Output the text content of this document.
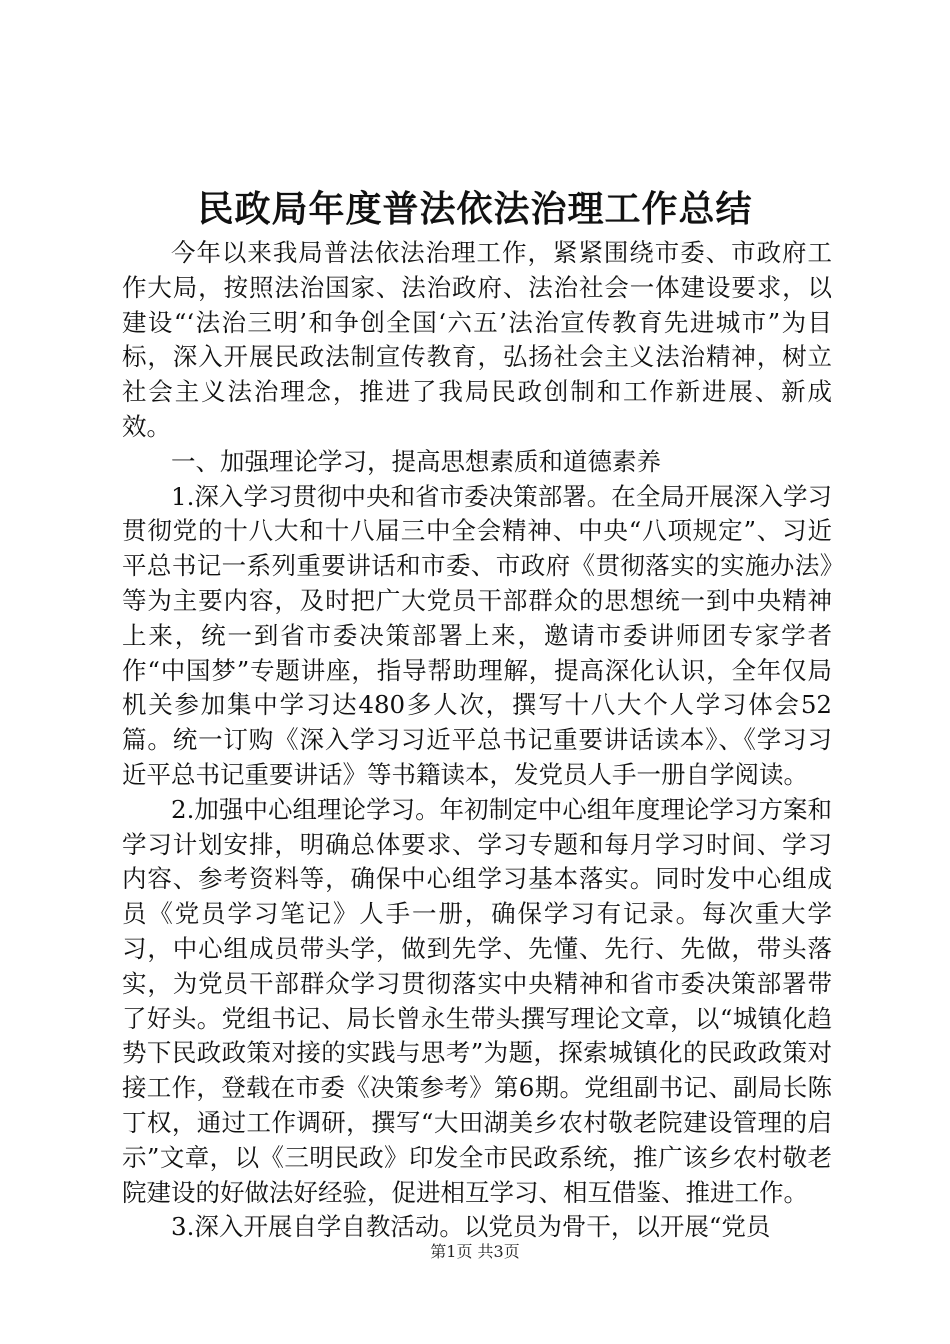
民政局年度普法依法治理工作总结

今年以来我局普法依法治理工作，紧紧围绕市委、市政府工作大局，按照法治国家、法治政府、法治社会一体建设要求，以建设“‘法治三明’和争创全国‘六五’法治宣传教育先进城市”为目标，深入开展民政法制宣传教育，弘扬社会主义法治精神，树立社会主义法治理念，推进了我局民政创制和工作新进展、新成效。

一、加强理论学习，提高思想素质和道德素养

1.深入学习贯彻中央和省市委决策部署。在全局开展深入学习贯彻党的十八大和十八届三中全会精神、中央“八项规定”、习近平总书记一系列重要讲话和市委、市政府《贯彻落实的实施办法》等为主要内容，及时把广大党员干部群众的思想统一到中央精神上来，统一到省市委决策部署上来，邀请市委讲师团专家学者作“中国梦”专题讲座，指导帮助理解，提高深化认识，全年仅局机关参加集中学习达480多人次，撰写十八大个人学习体会52篇。统一订购《深入学习习近平总书记重要讲话读本》、《学习习近平总书记重要讲话》等书籍读本，发党员人手一册自学阅读。

2.加强中心组理论学习。年初制定中心组年度理论学习方案和学习计划安排，明确总体要求、学习专题和每月学习时间、学习内容、参考资料等，确保中心组学习基本落实。同时发中心组成员《党员学习笔记》人手一册，确保学习有记录。每次重大学习，中心组成员带头学，做到先学、先懂、先行、先做，带头落实，为党员干部群众学习贯彻落实中央精神和省市委决策部署带了好头。党组书记、局长曾永生带头撰写理论文章，以“城镇化趋势下民政政策对接的实践与思考”为题，探索城镇化的民政政策对接工作，登载在市委《决策参考》第6期。党组副书记、副局长陈丁权，通过工作调研，撰写“大田湖美乡农村敬老院建设管理的启示”文章，以《三明民政》印发全市民政系统，推广该乡农村敬老院建设的好做法好经验，促进相互学习、相互借鉴、推进工作。

3.深入开展自学自教活动。以党员为骨干，以开展“党员

第1页 共3页
